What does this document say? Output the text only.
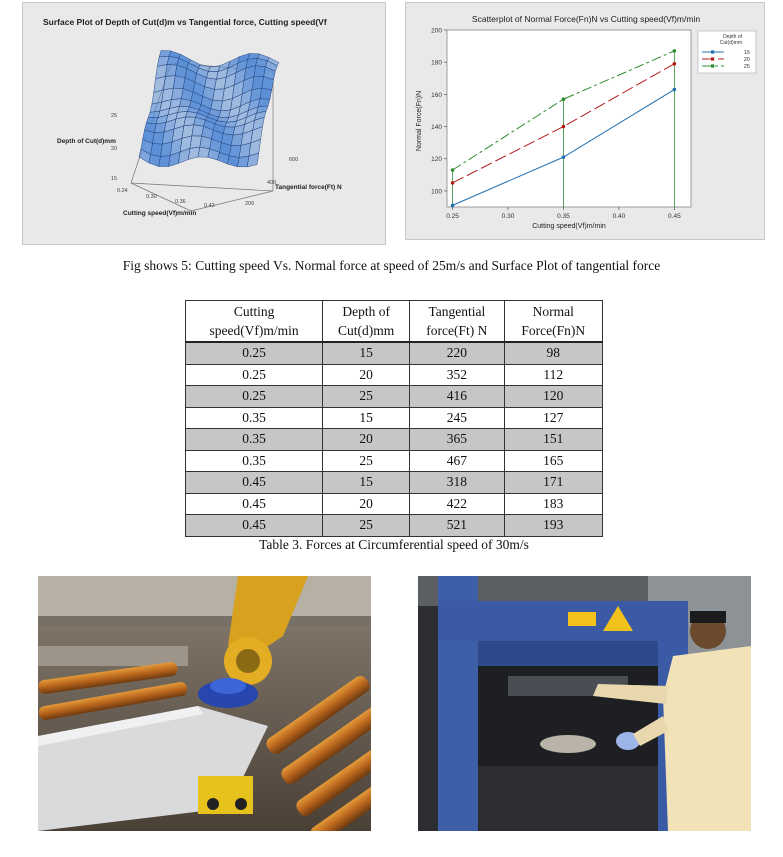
Surface Plot of Depth of Cut(d)m vs Tangential force, Cutting speed(Vf
Depth of Cut(d)mm
25
20
15
0.24
0.30
0.36
0.42
Cutting speed(Vf)m/min
600
400
200
Tangential force(Ft) N
Scatterplot of Normal Force(Fn)N vs Cutting speed(Vf)m/min
0.25	0.30	0.35	0.40	0.45
100
120
140
160
180
200
Cutting speed(Vf)m/min
Normal Force(Fn)N
Depth of
Cut(d)mm
15
20
25
Fig shows 5: Cutting speed Vs. Normal force at speed of 25m/s and Surface Plot of tangential force
Cutting
speed(Vf)m/min	Depth of
Cut(d)mm	Tangential
force(Ft) N	Normal
Force(Fn)N
0.25	15	220	98
0.25	20	352	112
0.25	25	416	120
0.35	15	245	127
0.35	20	365	151
0.35	25	467	165
0.45	15	318	171
0.45	20	422	183
0.45	25	521	193
Table 3. Forces at Circumferential speed of 30m/s
